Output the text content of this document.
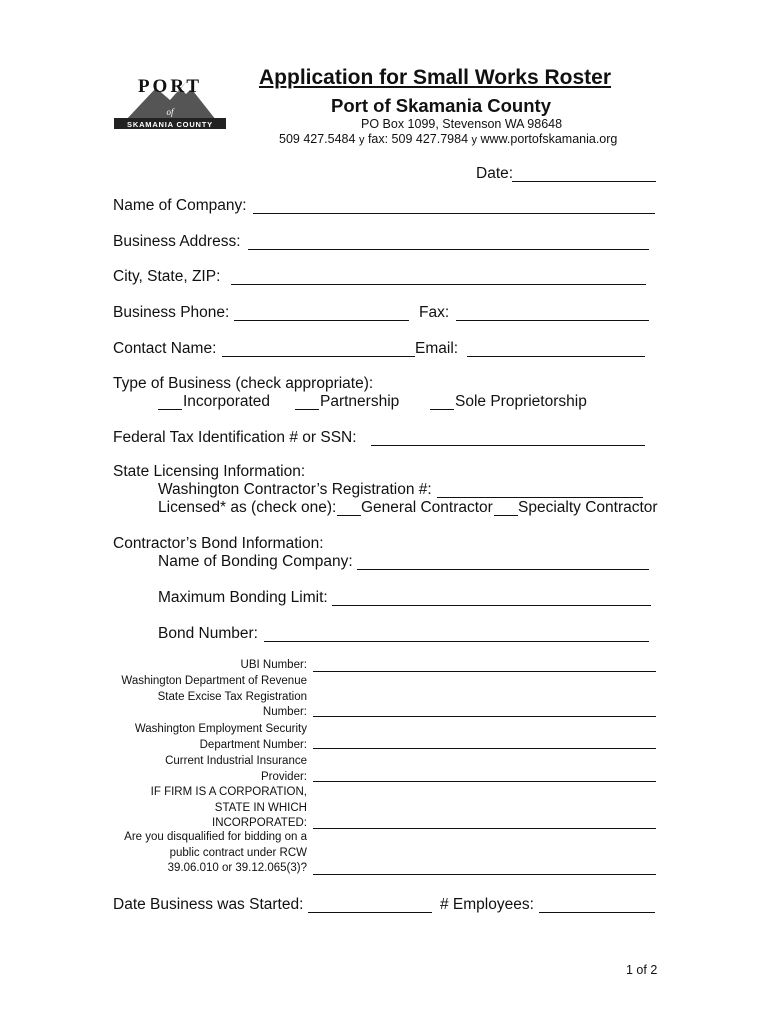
PORT
of
SKAMANIA COUNTY
Application for Small Works Roster
Port of Skamania County
PO Box 1099, Stevenson WA 98648
509 427.5484 y fax: 509 427.7984 y www.portofskamania.org
Date:
Name of Company:
Business Address:
City, State, ZIP:
Business Phone:	Fax:
Contact Name:	Email:
Type of Business (check appropriate):
Incorporated	Partnership	Sole Proprietorship
Federal Tax Identification # or SSN:
State Licensing Information:
Washington Contractor’s Registration #:
Licensed* as (check one): General Contractor Specialty Contractor
Contractor’s Bond Information:
Name of Bonding Company:
Maximum Bonding Limit:
Bond Number:
UBI Number:
Washington Department of Revenue
State Excise Tax Registration
Number:
Washington Employment Security
Department Number:
Current Industrial Insurance
Provider:
IF FIRM IS A CORPORATION,
STATE IN WHICH
INCORPORATED:
Are you disqualified for bidding on a
public contract under RCW
39.06.010 or 39.12.065(3)?
Date Business was Started:	# Employees:
1 of 2
